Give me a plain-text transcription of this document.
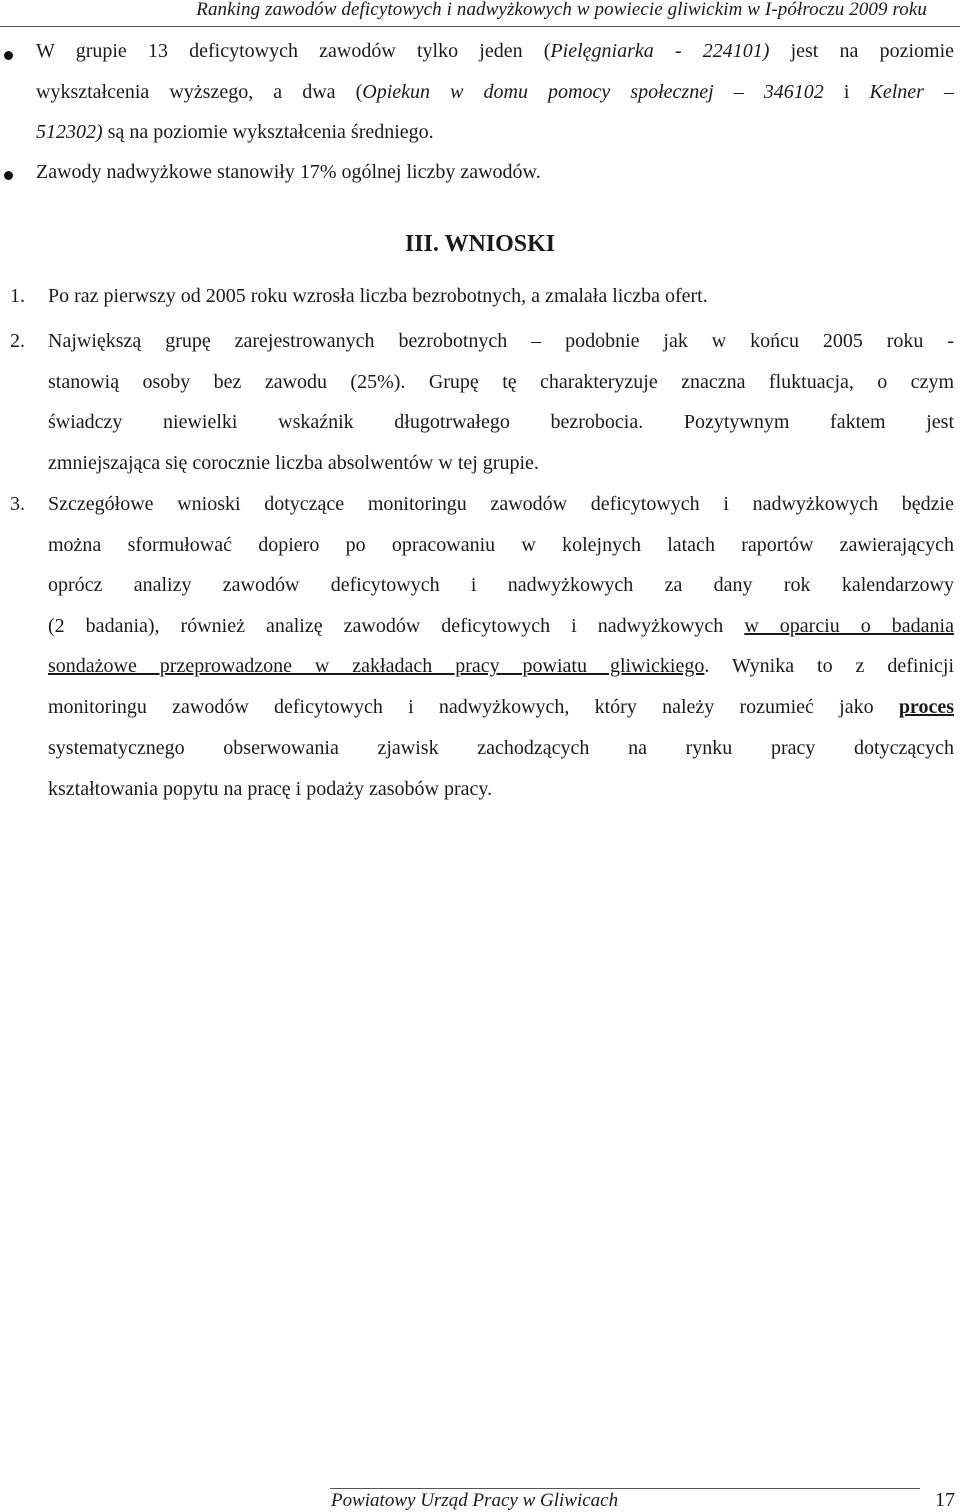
Ranking zawodów deficytowych i nadwyżkowych w powiecie gliwickim w I-półroczu 2009 roku
W grupie 13 deficytowych zawodów tylko jeden (Pielęgniarka - 224101) jest na poziomie
wykształcenia wyższego, a dwa (Opiekun w domu pomocy społecznej – 346102 i Kelner –
512302) są na poziomie wykształcenia średniego.
Zawody nadwyżkowe stanowiły 17% ogólnej liczby zawodów.
III. WNIOSKI
1. Po raz pierwszy od 2005 roku wzrosła liczba bezrobotnych, a zmalała liczba ofert.
2. Największą grupę zarejestrowanych bezrobotnych – podobnie jak w końcu 2005 roku -
stanowią osoby bez zawodu (25%). Grupę tę charakteryzuje znaczna fluktuacja, o czym
świadczy niewielki wskaźnik długotrwałego bezrobocia. Pozytywnym faktem jest
zmniejszająca się corocznie liczba absolwentów w tej grupie.
3. Szczegółowe wnioski dotyczące monitoringu zawodów deficytowych i nadwyżkowych będzie
można sformułować dopiero po opracowaniu w kolejnych latach raportów zawierających
oprócz analizy zawodów deficytowych i nadwyżkowych za dany rok kalendarzowy
(2 badania), również analizę zawodów deficytowych i nadwyżkowych w oparciu o badania
sondażowe przeprowadzone w zakładach pracy powiatu gliwickiego. Wynika to z definicji
monitoringu zawodów deficytowych i nadwyżkowych, który należy rozumieć jako proces
systematycznego obserwowania zjawisk zachodzących na rynku pracy dotyczących
kształtowania popytu na pracę i podaży zasobów pracy.
Powiatowy Urząd Pracy w Gliwicach	17
